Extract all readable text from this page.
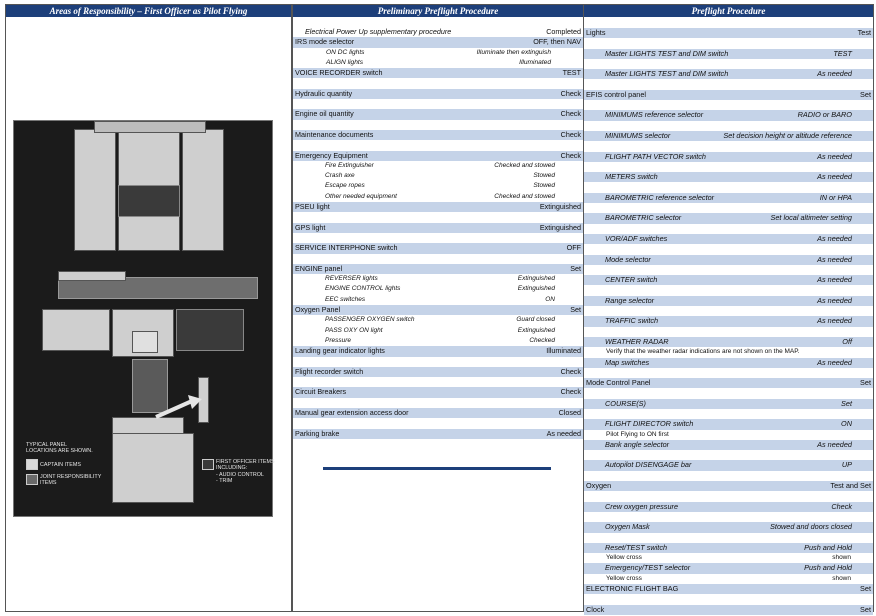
Areas of Responsibility – First Officer as Pilot Flying
TYPICAL PANEL
LOCATIONS ARE SHOWN.
CAPTAIN ITEMS
JOINT RESPONSIBILITY
ITEMS
FIRST OFFICER ITEMS
INCLUDING:
- AUDIO CONTROL
- TRIM
Preliminary Preflight Procedure
Electrical Power Up supplementary procedure	Completed
IRS mode selector	OFF, then NAV
ON DC lights	Illuminate then extinguish
ALIGN lights	Illuminated
VOICE RECORDER switch	TEST
Hydraulic quantity	Check
Engine oil quantity	Check
Maintenance documents	Check
Emergency Equipment	Check
Fire Extinguisher	Checked and stowed
Crash axe	Stowed
Escape ropes	Stowed
Other needed equipment	Checked and stowed
PSEU light	Extinguished
GPS light	Extinguished
SERVICE INTERPHONE switch	OFF
ENGINE panel	Set
REVERSER lights	Extinguished
ENGINE CONTROL lights	Extinguished
EEC switches	ON
Oxygen Panel	Set
PASSENGER OXYGEN switch	Guard closed
PASS OXY ON light	Extinguished
Pressure	Checked
Landing gear indicator lights	Illuminated
Flight recorder switch	Check
Circuit Breakers	Check
Manual gear extension access door	Closed
Parking brake	As needed
Preflight Procedure
Lights	Test
Master LIGHTS TEST and DIM switch	TEST
Master LIGHTS TEST and DIM switch	As needed
EFIS control panel	Set
MINIMUMS reference selector	RADIO or BARO
MINIMUMS selector	Set decision height or altitude reference
FLIGHT PATH VECTOR switch	As needed
METERS switch	As needed
BAROMETRIC reference selector	IN or HPA
BAROMETRIC selector	Set local altimeter setting
VOR/ADF switches	As needed
Mode selector	As needed
CENTER switch	As needed
Range selector	As needed
TRAFFIC switch	As needed
WEATHER RADAR	Off
Verify that the weather radar indications are not shown on the MAP.
Map switches	As needed
Mode Control Panel	Set
COURSE(S)	Set
FLIGHT DIRECTOR switch	ON
Pilot Flying to ON first
Bank angle selector	As needed
Autopilot DISENGAGE bar	UP
Oxygen	Test and Set
Crew oxygen pressure	Check
Oxygen Mask	Stowed and doors closed
Reset/TEST switch	Push and Hold
Yellow cross	shown
Emergency/TEST selector	Push and Hold
Yellow cross	shown
ELECTRONIC FLIGHT BAG	Set
Clock	Set
